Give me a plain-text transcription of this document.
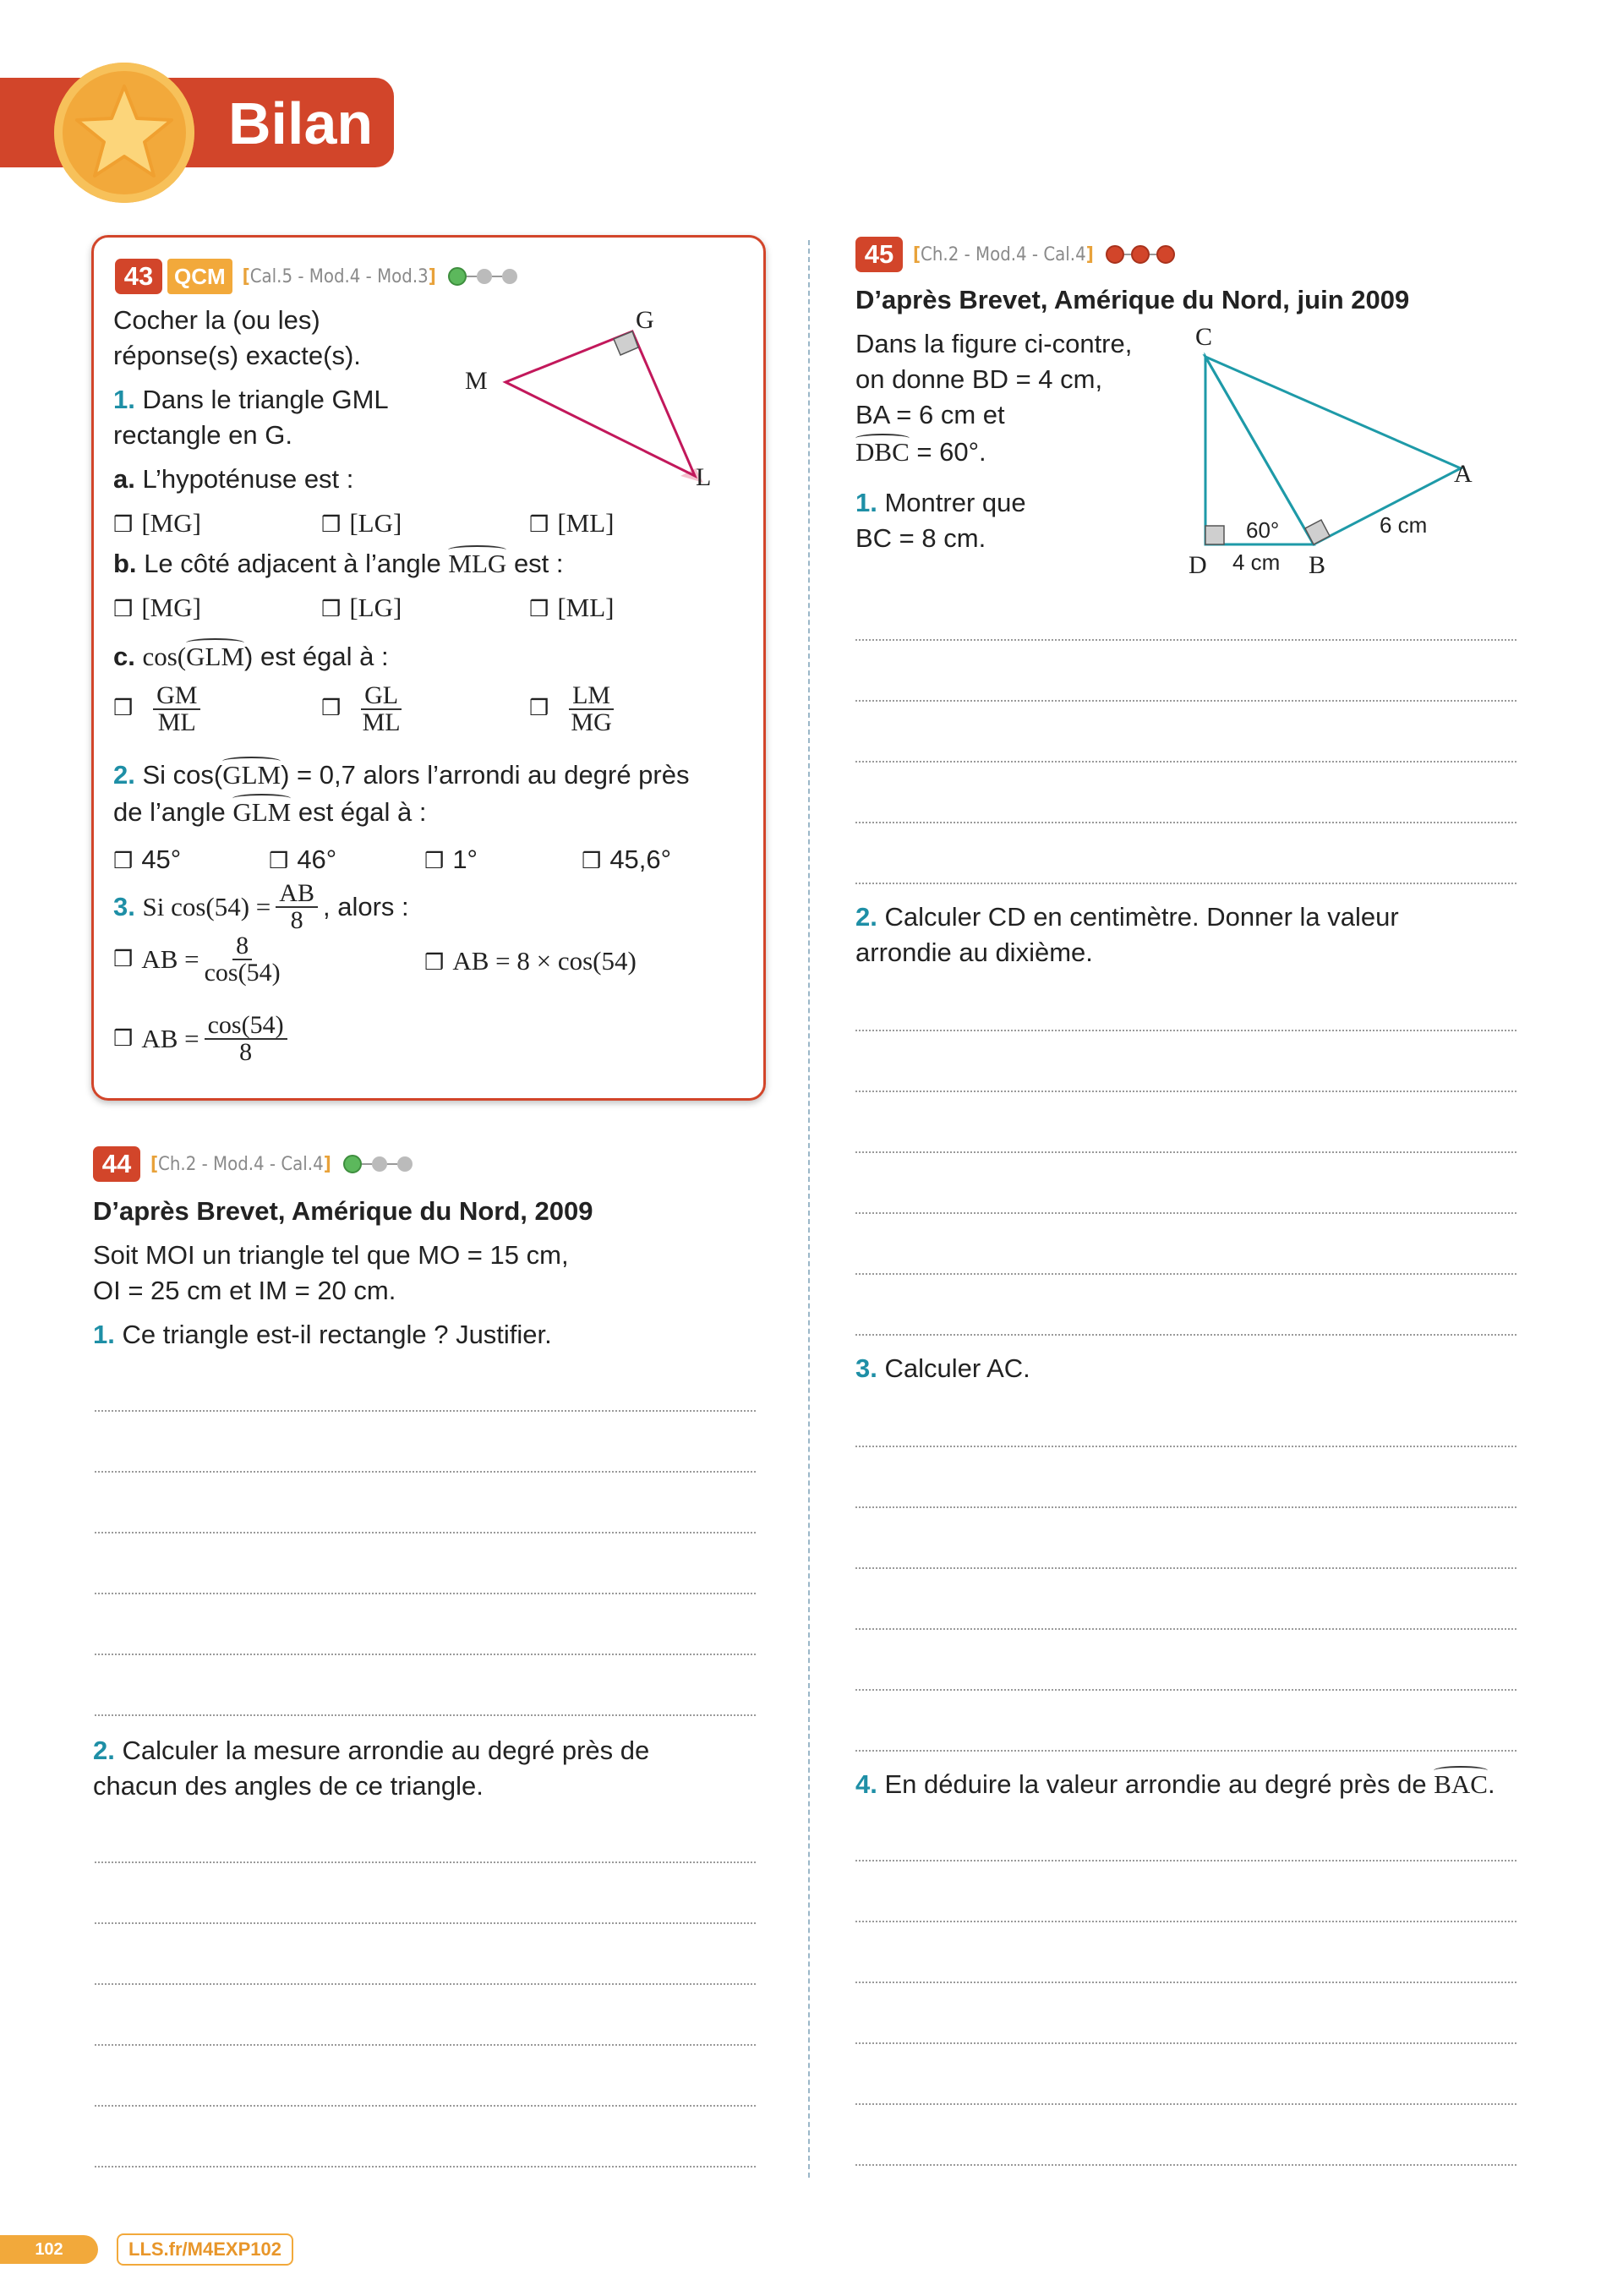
Bilan
43 QCM [Cal.5 - Mod.4 - Mod.3]
Cocher la (ou les)
réponse(s) exacte(s).
1. Dans le triangle GML
rectangle en G.
G
M
L
a. L’hypoténuse est :
❒ [MG]	❒ [LG]	❒ [ML]
b. Le côté adjacent à l’angle MLG est :
❒ [MG]	❒ [LG]	❒ [ML]
c. cos(GLM) est égal à :
❒ $\frac{GM}{ML}$	❒ $\frac{GL}{ML}$	❒ $\frac{LM}{MG}$
2. Si cos(GLM) = 0,7 alors l’arrondi au degré près
de l’angle GLM est égal à :
❒ 45°	❒ 46°	❒ 1°	❒ 45,6°
3.
Si $\cos(54) = \frac{AB}{8}$ , alors :
❒ AB = $\frac{8}{\cos(54)}$	❒ AB = 8 × cos(54)
❒ AB = $\frac{\cos(54)}{8}$
44	[Ch.2 - Mod.4 - Cal.4]
D’après Brevet, Amérique du Nord, 2009
Soit MOI un triangle tel que MO = 15 cm,
OI = 25 cm et IM = 20 cm.
1. Ce triangle est-il rectangle ? Justifier.
2. Calculer la mesure arrondie au degré près de
chacun des angles de ce triangle.
45	[Ch.2 - Mod.4 - Cal.4]
D’après Brevet, Amérique du Nord, juin 2009
Dans la figure ci-contre,
on donne BD = 4 cm,
BA = 6 cm et
DBC = 60°.
1. Montrer que
BC = 8 cm.
C
A
D	B
60°
4 cm
6 cm
2. Calculer CD en centimètre. Donner la valeur
arrondie au dixième.
3. Calculer AC.
4. En déduire la valeur arrondie au degré près de BAC.
102	LLS.fr/M4EXP102
